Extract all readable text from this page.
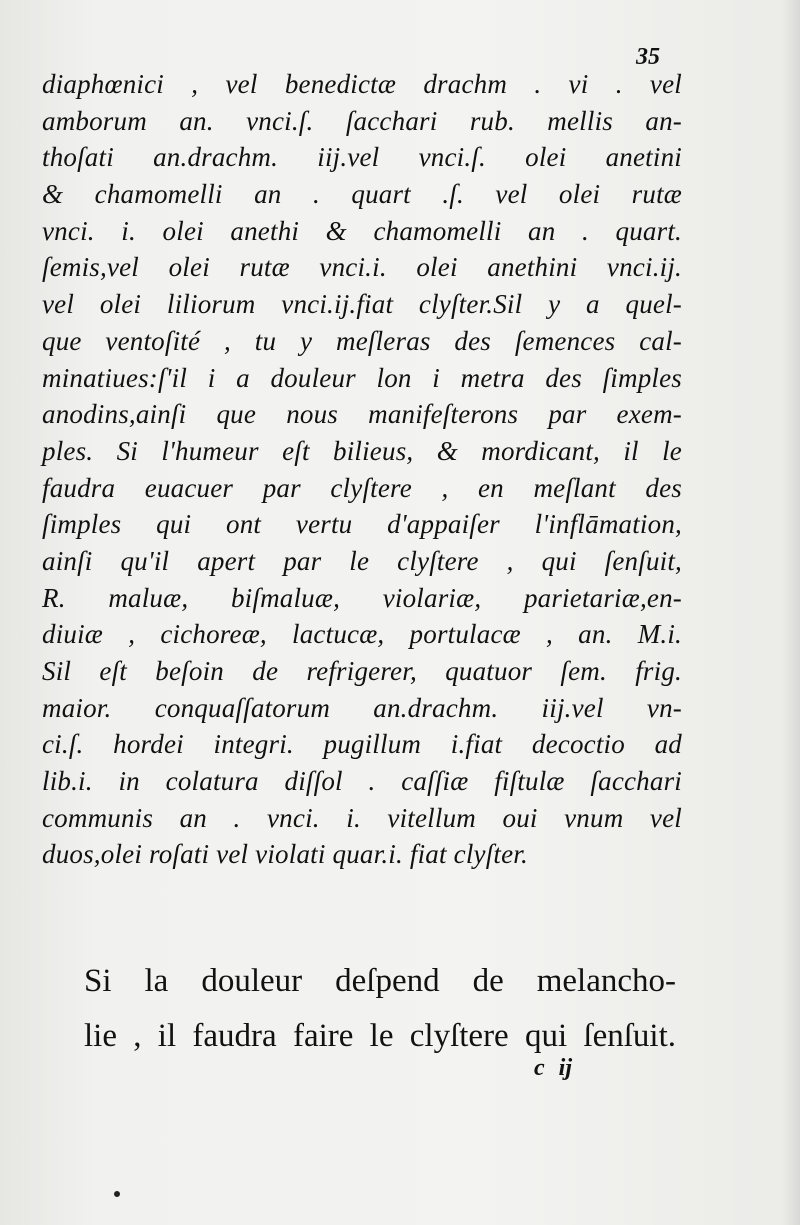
35
diaphœnici , vel benedictæ drachm . vi . vel
amborum an. vnci.ſ. ſacchari rub. mellis an-
thoſati an.drachm. iij.vel vnci.ſ. olei anetini
& chamomelli an . quart .ſ. vel olei rutæ
vnci. i. olei anethi & chamomelli an . quart.
ſemis,vel olei rutæ vnci.i. olei anethini vnci.ij.
vel olei liliorum vnci.ij.fiat clyſter.Sil y a quel-
que ventoſité , tu y meſleras des ſemences cal-
minatiues:ſ'il i a douleur lon i metra des ſimples
anodins,ainſi que nous manifeſterons par exem-
ples. Si l'humeur eſt bilieus, & mordicant, il le
faudra euacuer par clyſtere , en meſlant des
ſimples qui ont vertu d'appaiſer l'inflāmation,
ainſi qu'il apert par le clyſtere , qui ſenſuit,
R. maluæ, biſmaluæ, violariæ, parietariæ,en-
diuiæ , cichoreæ, lactucæ, portulacæ , an. M.i.
Sil eſt beſoin de refrigerer, quatuor ſem. frig.
maior. conquaſſatorum an.drachm. iij.vel vn-
ci.ſ. hordei integri. pugillum i.fiat decoctio ad
lib.i. in colatura diſſol . caſſiæ fiſtulæ ſacchari
communis an . vnci. i. vitellum oui vnum vel
duos,olei roſati vel violati quar.i. fiat clyſter.
Si la douleur deſpend de melancho-
lie , il faudra faire le clyſtere qui ſenſuit.
c ij
